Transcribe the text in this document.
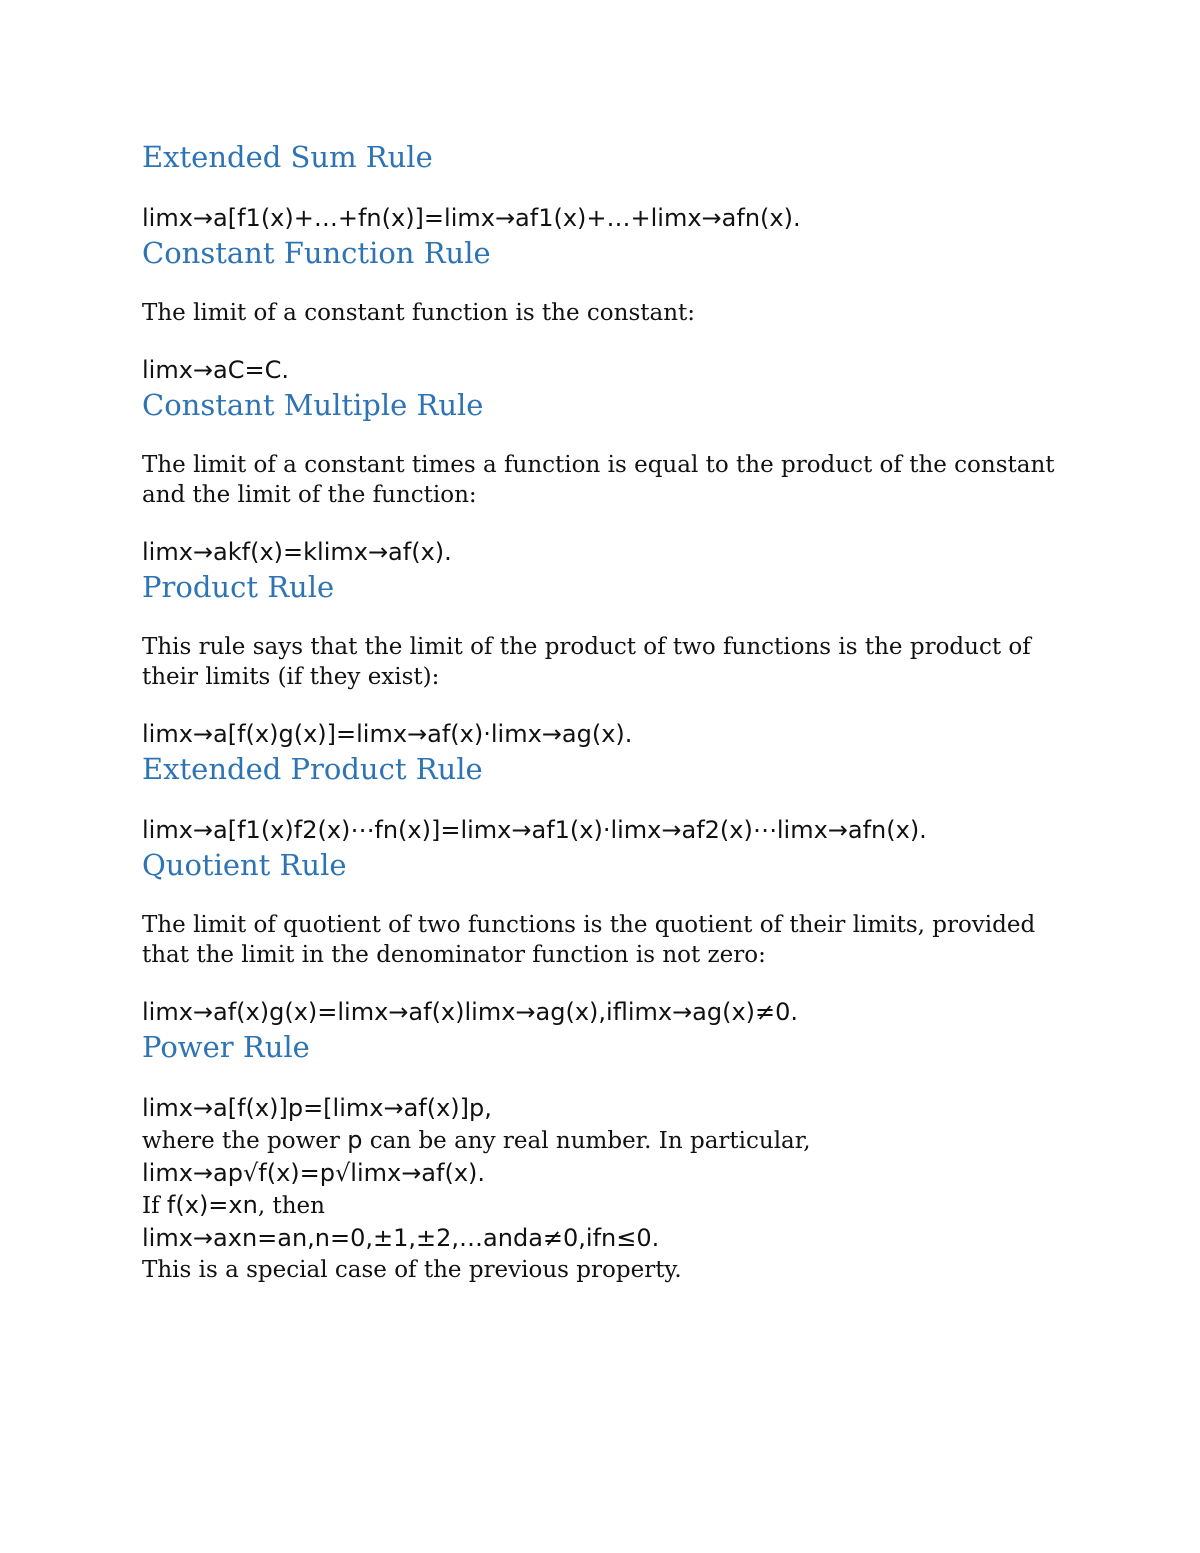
Extended Sum Rule

limx→a[f1(x)+…+fn(x)]=limx→af1(x)+…+limx→afn(x).

Constant Function Rule

The limit of a constant function is the constant:

limx→aC=C.

Constant Multiple Rule

The limit of a constant times a function is equal to the product of the constant

and the limit of the function:

limx→akf(x)=klimx→af(x).

Product Rule

This rule says that the limit of the product of two functions is the product of

their limits (if they exist):

limx→a[f(x)g(x)]=limx→af(x)·limx→ag(x).

Extended Product Rule

limx→a[f1(x)f2(x)⋯fn(x)]=limx→af1(x)·limx→af2(x)⋯limx→afn(x).

Quotient Rule

The limit of quotient of two functions is the quotient of their limits, provided

that the limit in the denominator function is not zero:

limx→af(x)g(x)=limx→af(x)limx→ag(x),iflimx→ag(x)≠0.

Power Rule

limx→a[f(x)]p=[limx→af(x)]p,

where the power p can be any real number. In particular,

limx→ap√f(x)=p√limx→af(x).

If f(x)=xn, then

limx→axn=an,n=0,±1,±2,…anda≠0,ifn≤0.

This is a special case of the previous property.
